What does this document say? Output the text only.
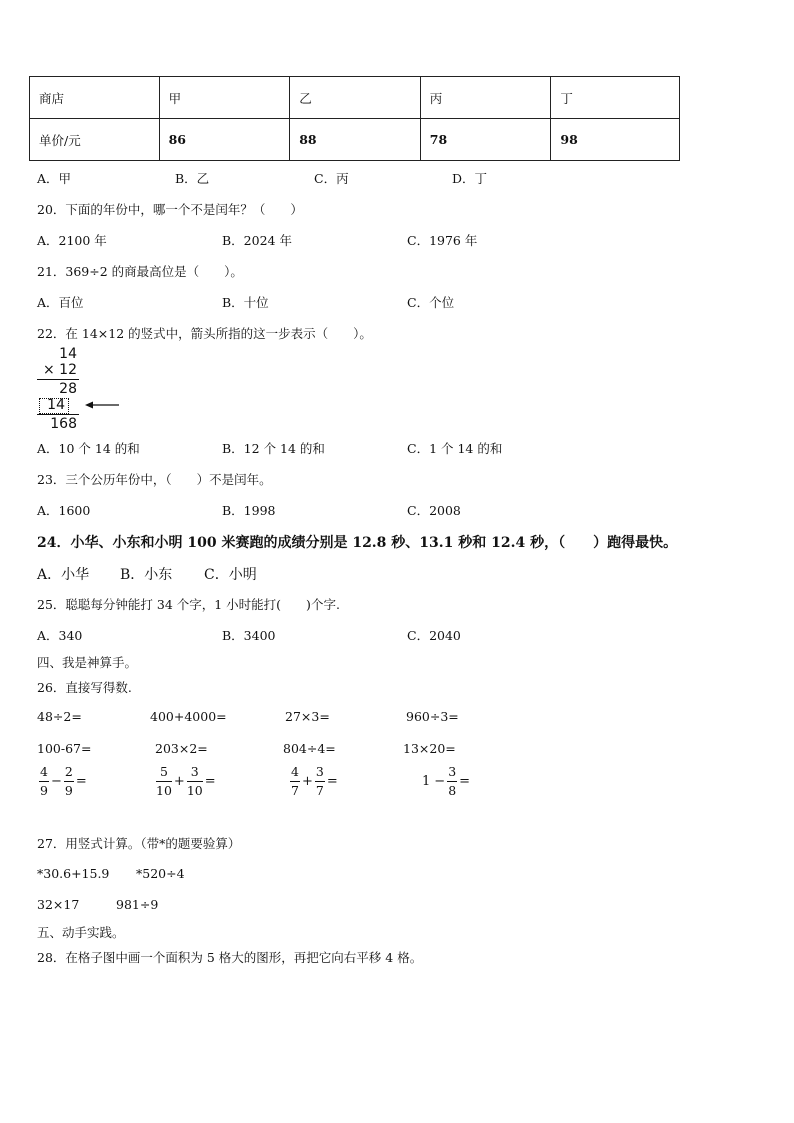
商店	甲	乙	丙	丁
单价/元	86	88	78	98
A．甲	B．乙	C．丙	D．丁
20．下面的年份中，哪一个不是闰年？（　　）
A．2100 年	B．2024 年	C．1976 年
21．369÷2 的商最高位是（　　）。
A．百位	B．十位	C．个位
22．在 14×12 的竖式中，箭头所指的这一步表示（　　）。
14
× 12
28
14
168
A．10 个 14 的和	B．12 个 14 的和	C．1 个 14 的和
23．三个公历年份中，（　　）不是闰年。
A．1600	B．1998	C．2008
24．小华、小东和小明 100 米赛跑的成绩分别是 12.8 秒、13.1 秒和 12.4 秒，（　　）跑得最快。
A．小华 B．小东 C．小明
25．聪聪每分钟能打 34 个字，1 小时能打(　　)个字.
A．340	B．3400	C．2040
四、我是神算手。
26．直接写得数.
48÷2=	400+4000=	27×3=	960÷3=
100-67=	203×2=	804÷4=	13×20=
$\frac{4}{9} - \frac{2}{9}$ =	$\frac{5}{10} + \frac{3}{10}$ =	$\frac{4}{7} + \frac{3}{7}$ =	$1 - \frac{3}{8}$ =
27．用竖式计算。（带*的题要验算）
*30.6+15.9 *520÷4
32×17	981÷9
五、动手实践。
28．在格子图中画一个面积为 5 格大的图形，再把它向右平移 4 格。
